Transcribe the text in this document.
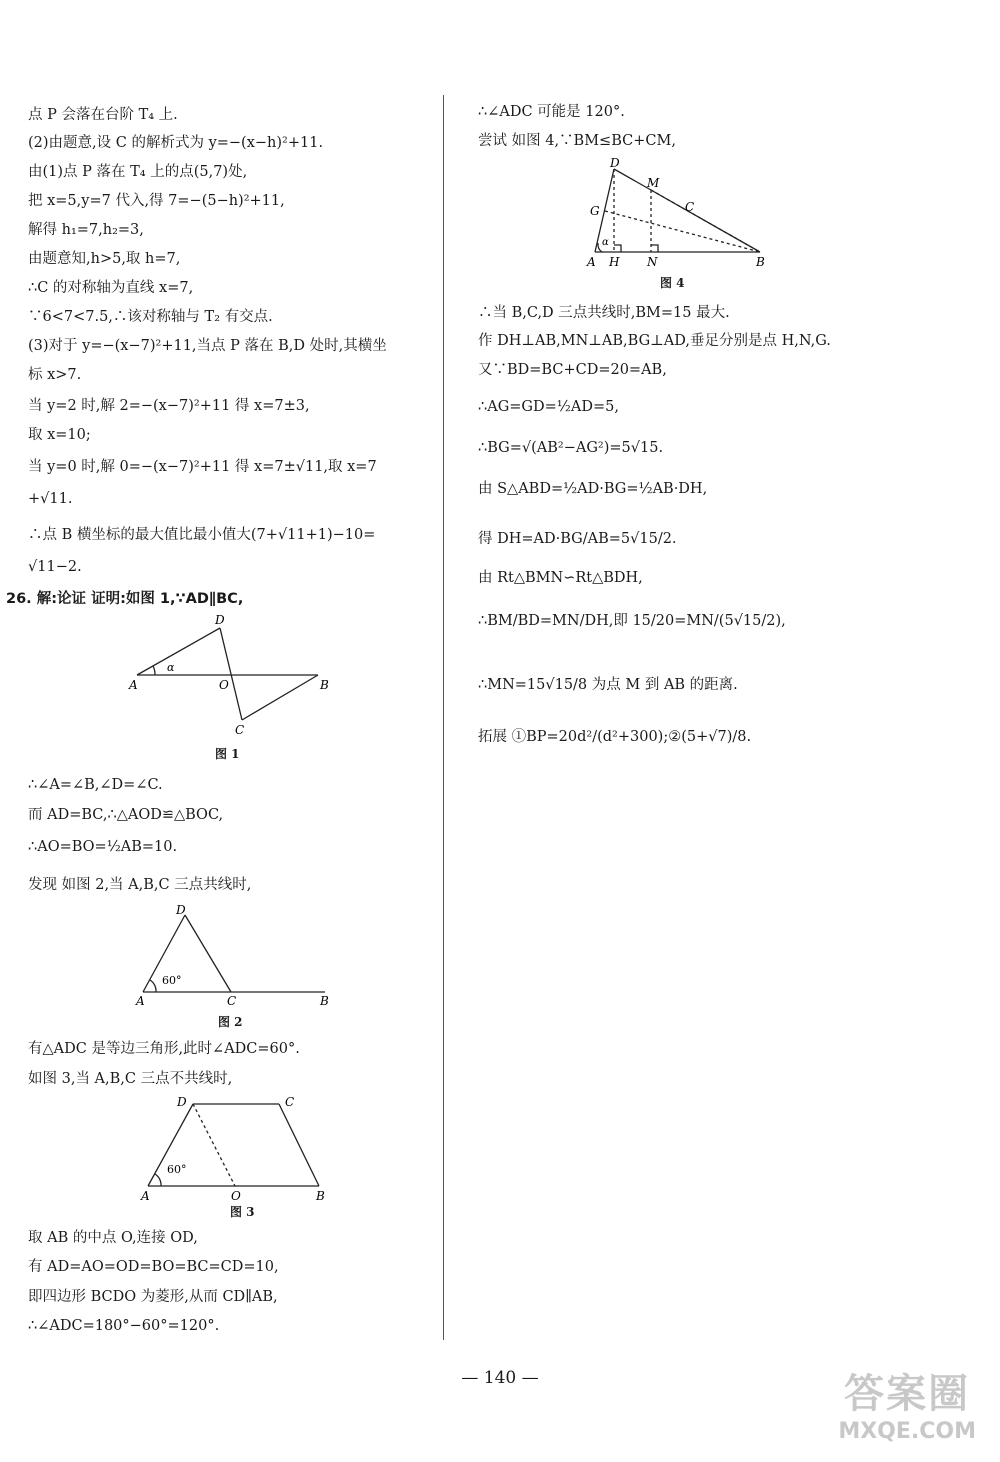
点 P 会落在台阶 T₄ 上.
(2)由题意,设 C 的解析式为 y=−(x−h)²+11.
由(1)点 P 落在 T₄ 上的点(5,7)处,
把 x=5,y=7 代入,得 7=−(5−h)²+11,
解得 h₁=7,h₂=3,
由题意知,h>5,取 h=7,
∴C 的对称轴为直线 x=7,
∵6<7<7.5,∴该对称轴与 T₂ 有交点.
(3)对于 y=−(x−7)²+11,当点 P 落在 B,D 处时,其横坐
标 x>7.
当 y=2 时,解 2=−(x−7)²+11 得 x=7±3,
取 x=10;
当 y=0 时,解 0=−(x−7)²+11 得 x=7±√11,取 x=7
+√11.
∴点 B 横坐标的最大值比最小值大(7+√11+1)−10=
√11−2.
26. 解:论证 证明:如图 1,∵AD∥BC,
∴∠A=∠B,∠D=∠C.
而 AD=BC,∴△AOD≌△BOC,
∴AO=BO=½AB=10.
发现 如图 2,当 A,B,C 三点共线时,
有△ADC 是等边三角形,此时∠ADC=60°.
如图 3,当 A,B,C 三点不共线时,
取 AB 的中点 O,连接 OD,
有 AD=AO=OD=BO=BC=CD=10,
即四边形 BCDO 为菱形,从而 CD∥AB,
∴∠ADC=180°−60°=120°.
A
D
O	B
C
α
图 1
D
A	C	B
60°
图 2
D	C
A	O	B
60°
图 3
∴∠ADC 可能是 120°.
尝试 如图 4,∵BM≤BC+CM,
∴当 B,C,D 三点共线时,BM=15 最大.
作 DH⊥AB,MN⊥AB,BG⊥AD,垂足分别是点 H,N,G.
又∵BD=BC+CD=20=AB,
∴AG=GD=½AD=5,
∴BG=√(AB²−AG²)=5√15.
由 S△ABD=½AD·BG=½AB·DH,
得 DH=AD·BG/AB=5√15/2.
由 Rt△BMN∽Rt△BDH,
∴BM/BD=MN/DH,即 15/20=MN/(5√15/2),
∴MN=15√15/8 为点 M 到 AB 的距离.
拓展 ①BP=20d²/(d²+300);②(5+√7)/8.
D
M
C
G
α
A H N	B
图 4
— 140 —	答案圈
MXQE.COM
